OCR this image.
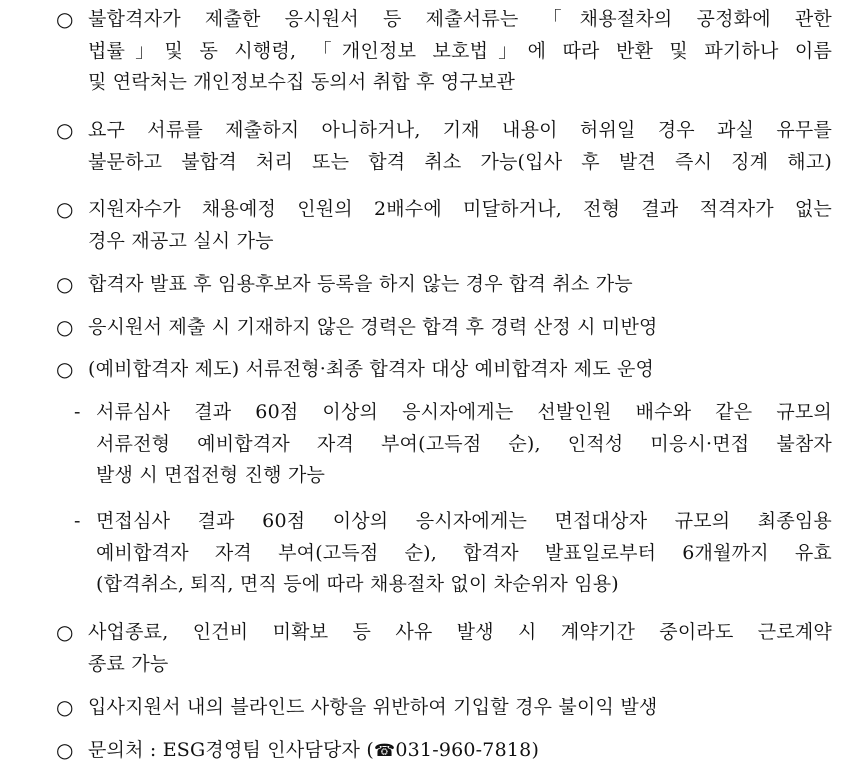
○ 불합격자가 제출한 응시원서 등 제출서류는 「채용절차의 공정화에 관한
법률」및 동 시행령, 「개인정보 보호법」에 따라 반환 및 파기하나 이름
및 연락처는 개인정보수집 동의서 취합 후 영구보관
○ 요구 서류를 제출하지 아니하거나, 기재 내용이 허위일 경우 과실 유무를
불문하고 불합격 처리 또는 합격 취소 가능(입사 후 발견 즉시 징계 해고)
○ 지원자수가 채용예정 인원의 2배수에 미달하거나, 전형 결과 적격자가 없는
경우 재공고 실시 가능
○ 합격자 발표 후 임용후보자 등록을 하지 않는 경우 합격 취소 가능
○ 응시원서 제출 시 기재하지 않은 경력은 합격 후 경력 산정 시 미반영
○ (예비합격자 제도) 서류전형·최종 합격자 대상 예비합격자 제도 운영
- 서류심사 결과 60점 이상의 응시자에게는 선발인원 배수와 같은 규모의
서류전형 예비합격자 자격 부여(고득점 순), 인적성 미응시·면접 불참자
발생 시 면접전형 진행 가능
- 면접심사 결과 60점 이상의 응시자에게는 면접대상자 규모의 최종임용
예비합격자 자격 부여(고득점 순), 합격자 발표일로부터 6개월까지 유효
(합격취소, 퇴직, 면직 등에 따라 채용절차 없이 차순위자 임용)
○ 사업종료, 인건비 미확보 등 사유 발생 시 계약기간 중이라도 근로계약
종료 가능
○ 입사지원서 내의 블라인드 사항을 위반하여 기입할 경우 불이익 발생
○ 문의처 : ESG경영팀 인사담당자 (☎031-960-7818)
